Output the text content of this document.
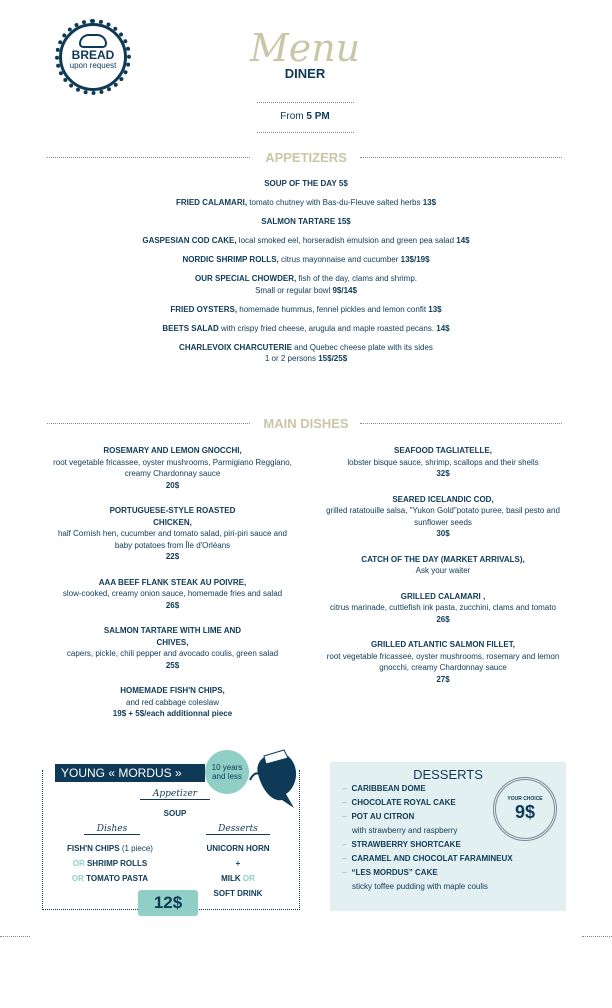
BREAD
upon request	Menu
DINER
From 5 PM
APPETIZERS

SOUP OF THE DAY 5$

FRIED CALAMARI, tomato chutney with Bas-du-Fleuve salted herbs 13$

SALMON TARTARE 15$

GASPESIAN COD CAKE, local smoked eel, horseradish emulsion and green pea salad 14$

NORDIC SHRIMP ROLLS, citrus mayonnaise and cucumber 13$/19$

OUR SPECIAL CHOWDER, fish of the day, clams and shrimp.
Small or regular bowl 9$/14$

FRIED OYSTERS, homemade hummus, fennel pickles and lemon confit 13$

BEETS SALAD with crispy fried cheese, arugula and maple roasted pecans. 14$

CHARLEVOIX CHARCUTERIE and Quebec cheese plate with its sides
1 or 2 persons 15$/25$

MAIN DISHES
ROSEMARY AND LEMON GNOCCHI,
root vegetable fricassee, oyster mushrooms, Parmigiano Reggiano, creamy Chardonnay sauce
20$
PORTUGUESE-STYLE ROASTED CHICKEN,
half Cornish hen, cucumber and tomato salad, piri-piri sauce and baby potatoes from Île d'Orléans
22$
AAA BEEF FLANK STEAK AU POIVRE,
slow-cooked, creamy onion sauce, homemade fries and salad
26$
SALMON TARTARE WITH LIME AND CHIVES,
capers, pickle, chili pepper and avocado coulis, green salad
25$
HOMEMADE FISH'N CHIPS,
and red cabbage coleslaw
19$ + 5$/each additionnal piece
SEAFOOD TAGLIATELLE,
lobster bisque sauce, shrimp, scallops and their shells
32$
SEARED ICELANDIC COD,
grilled ratatouille salsa, "Yukon Gold"potato puree, basil pesto and sunflower seeds
30$
CATCH OF THE DAY (MARKET ARRIVALS),
Ask your waiter
GRILLED CALAMARI ,
citrus marinade, cuttlefish ink pasta, zucchini, clams and tomato
26$
GRILLED ATLANTIC SALMON FILLET,
root vegetable fricassee, oyster mushrooms, rosemary and lemon gnocchi, creamy Chardonnay sauce
27$
YOUNG « MORDUS »	10 years and less
Appetizer
SOUP
Dishes	Desserts
FISH'N CHIPS (1 piece)
OR SHRIMP ROLLS
OR TOMATO PASTA
UNICORN HORN
+
MILK OR
SOFT DRINK
12$
DESSERTS
– CARIBBEAN DOME
– CHOCOLATE ROYAL CAKE
– POT AU CITRON
with strawberry and raspberry
– STRAWBERRY SHORTCAKE
– CARAMEL AND CHOCOLAT FARAMINEUX
– “LES MORDUS” CAKE
sticky toffee pudding with maple coulis
YOUR CHOICE
9$
